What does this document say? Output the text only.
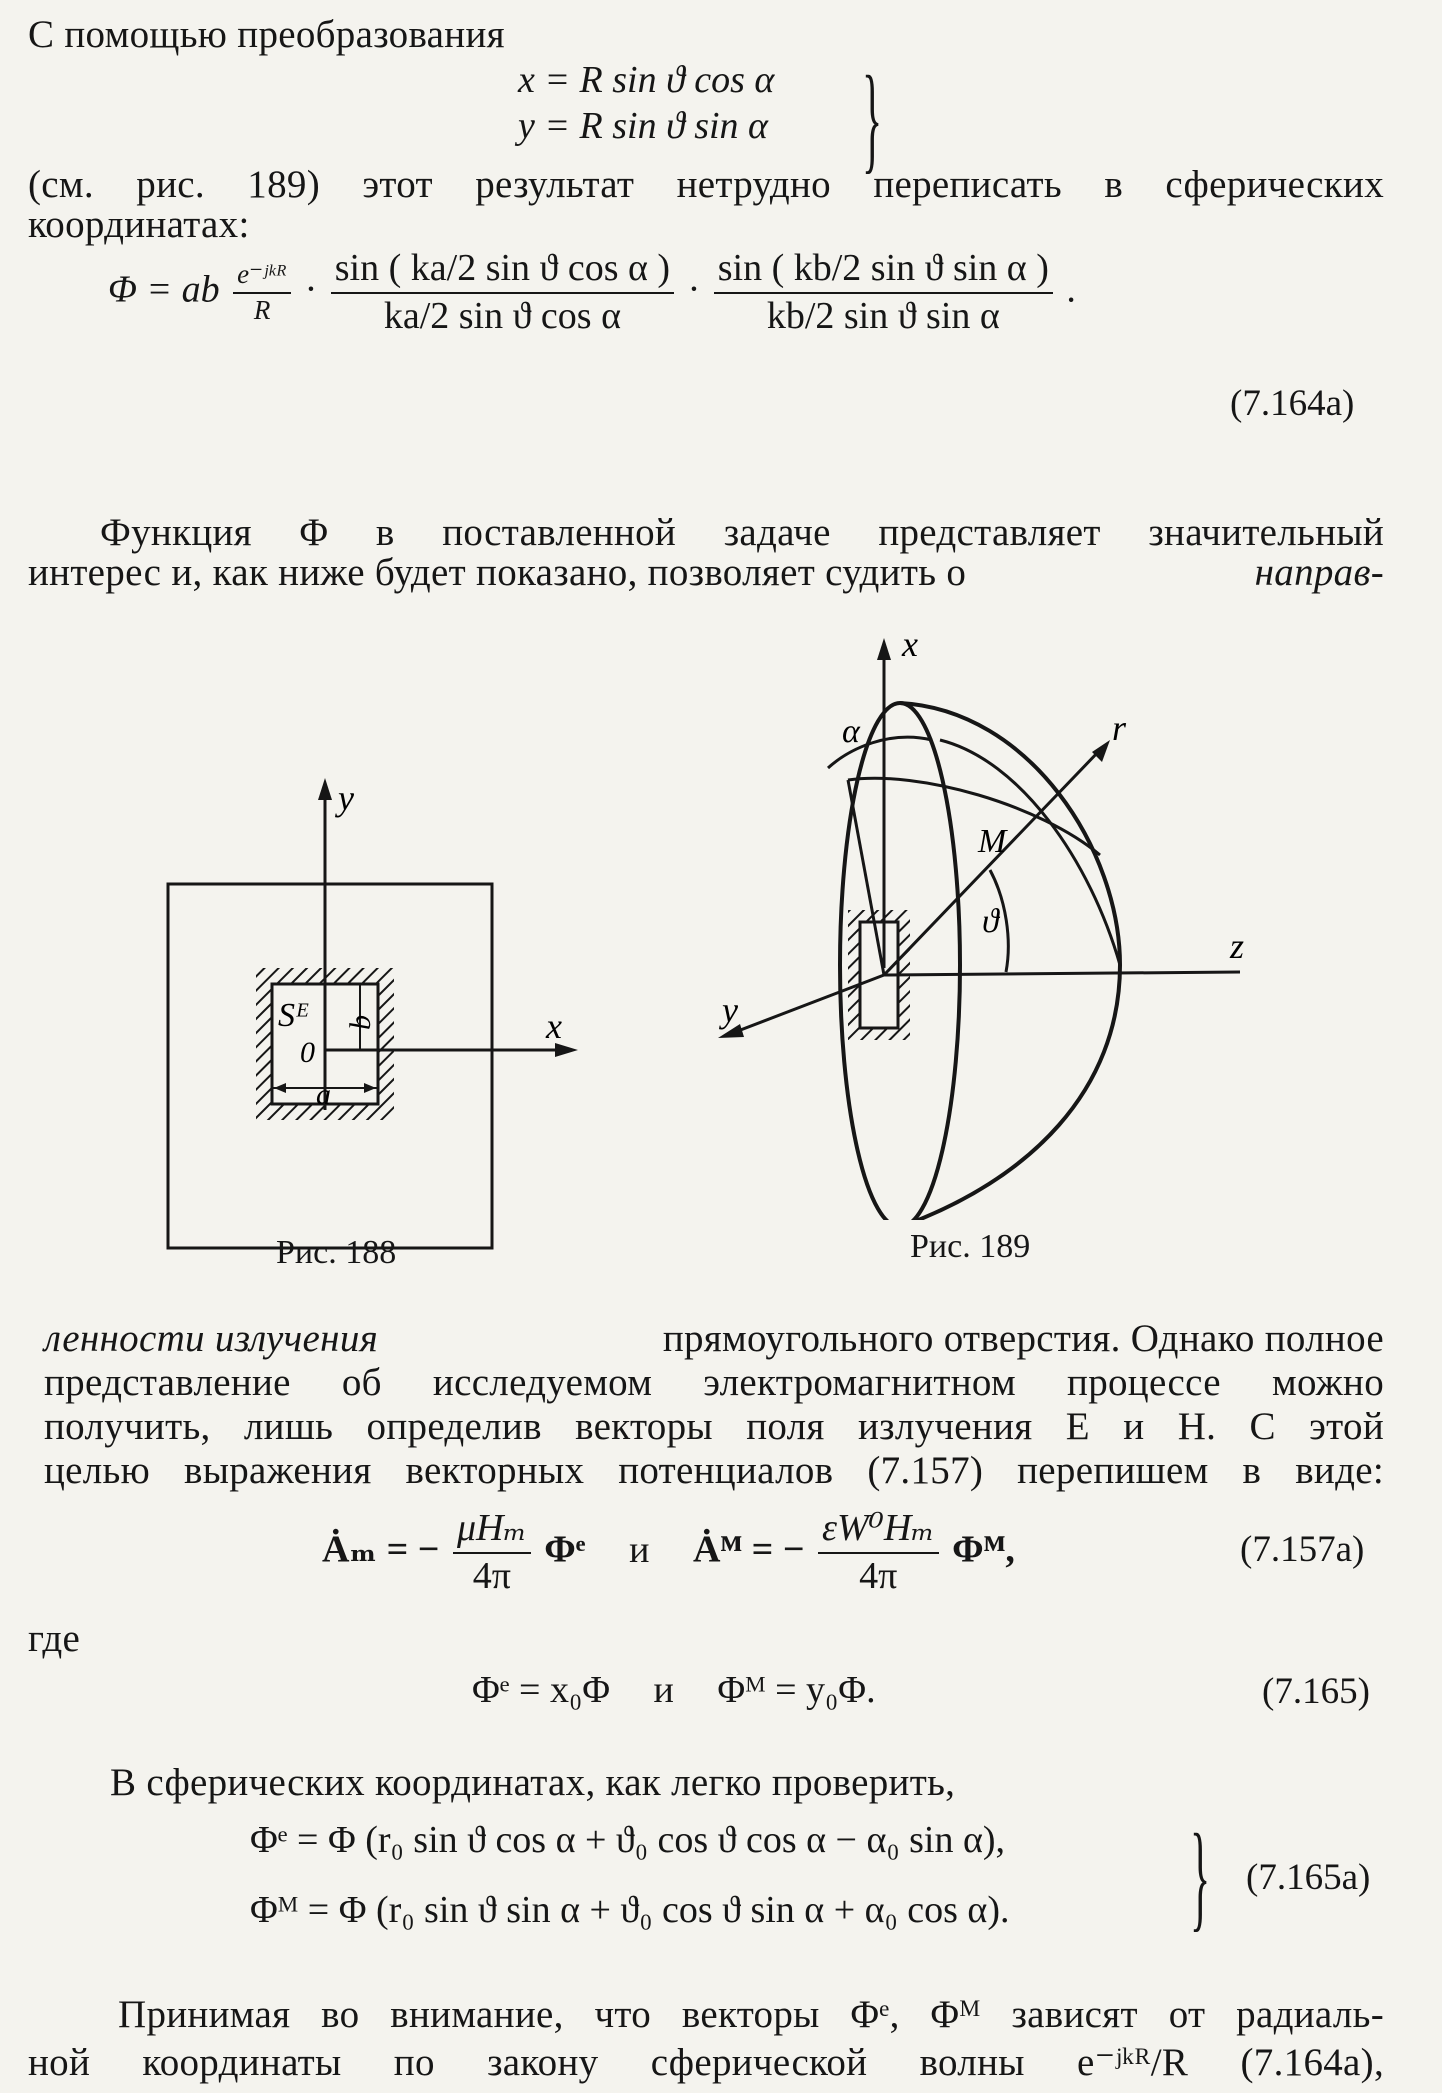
С помощью преобразования
x = R sin ϑ cos α
y = R sin ϑ sin α }
(см. рис. 189) этот результат нетрудно переписать в сферических
координатах:
Φ = ab $\frac{\text{e⁻ʲᵏᴿ}}{R} \cdot \frac{\text{sin ( ka/2 sin ϑ cos α )}}{\text{ka/2 sin ϑ cos α}} \cdot \frac{\text{sin ( kb/2 sin ϑ sin α )}}{\text{kb/2 sin ϑ sin α}}$ .
(7.164a)
Функция Φ в поставленной задаче представляет значительный
интерес и, как ниже будет показано, позволяет судить о	направ-
y
x
Sᴱ
0
b
a
Рис. 188
x
y
z
r
M
α
ϑ
Рис. 189
ленности излучения	прямоугольного отверстия. Однако полное
представление об исследуемом электромагнитном процессе можно
получить, лишь определив векторы поля излучения E и H. С этой
целью выражения векторных потенциалов (7.157) перепишем в виде:
Ȧₘ = − $\frac{\text{μHₘ}}{4\pi}$ Φᵉ и Ȧᴹ = − $\frac{\text{εW⁰Hₘ}}{4\pi}$ Φᴹ,	(7.157a)
где
Φᵉ = x₀Φ и Φᴹ = y₀Φ.	(7.165)
В сферических координатах, как легко проверить,
Φᵉ = Φ (r₀ sin ϑ cos α + ϑ₀ cos ϑ cos α − α₀ sin α),
Φᴹ = Φ (r₀ sin ϑ sin α + ϑ₀ cos ϑ sin α + α₀ cos α). } (7.165a)
Принимая во внимание, что векторы Φᵉ, Φᴹ зависят от радиаль-
ной координаты по закону сферической волны e⁻ʲᵏᴿ/R (7.164а),
